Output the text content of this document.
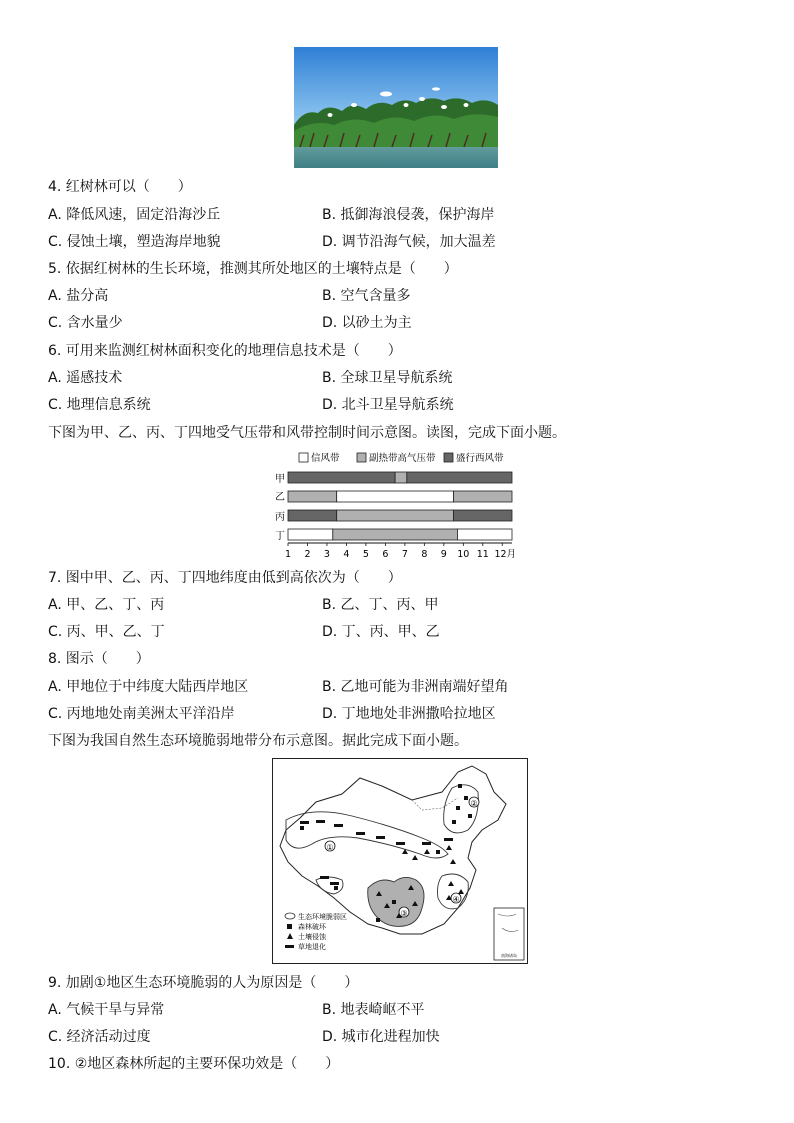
4. 红树林可以（　　）
A. 降低风速，固定沿海沙丘	B. 抵御海浪侵袭，保护海岸
C. 侵蚀土壤，塑造海岸地貌	D. 调节沿海气候，加大温差
5. 依据红树林的生长环境，推测其所处地区的土壤特点是（　　）
A. 盐分高	B. 空气含量多
C. 含水量少	D. 以砂土为主
6. 可用来监测红树林面积变化的地理信息技术是（　　）
A. 遥感技术	B. 全球卫星导航系统
C. 地理信息系统	D. 北斗卫星导航系统
下图为甲、乙、丙、丁四地受气压带和风带控制时间示意图。读图，完成下面小题。
信风带	副热带高气压带 盛行西风带
甲
乙
丙
丁
1 2 3 4 5 6 7 8 9 10 11 12月
7. 图中甲、乙、丙、丁四地纬度由低到高依次为（　　）
A. 甲、乙、丁、丙	B. 乙、丁、丙、甲
C. 丙、甲、乙、丁	D. 丁、丙、甲、乙
8. 图示（　　）
A. 甲地位于中纬度大陆西岸地区	B. 乙地可能为非洲南端好望角
C. 丙地地处南美洲太平洋沿岸	D. 丁地地处非洲撒哈拉地区
下图为我国自然生态环境脆弱地带分布示意图。据此完成下面小题。
①
②
③
④
生态环境脆弱区
森林破坏
土壤侵蚀
草地退化
南海诸岛
9. 加剧①地区生态环境脆弱的人为原因是（　　）
A. 气候干旱与异常	B. 地表崎岖不平
C. 经济活动过度	D. 城市化进程加快
10. ②地区森林所起的主要环保功效是（　　）
